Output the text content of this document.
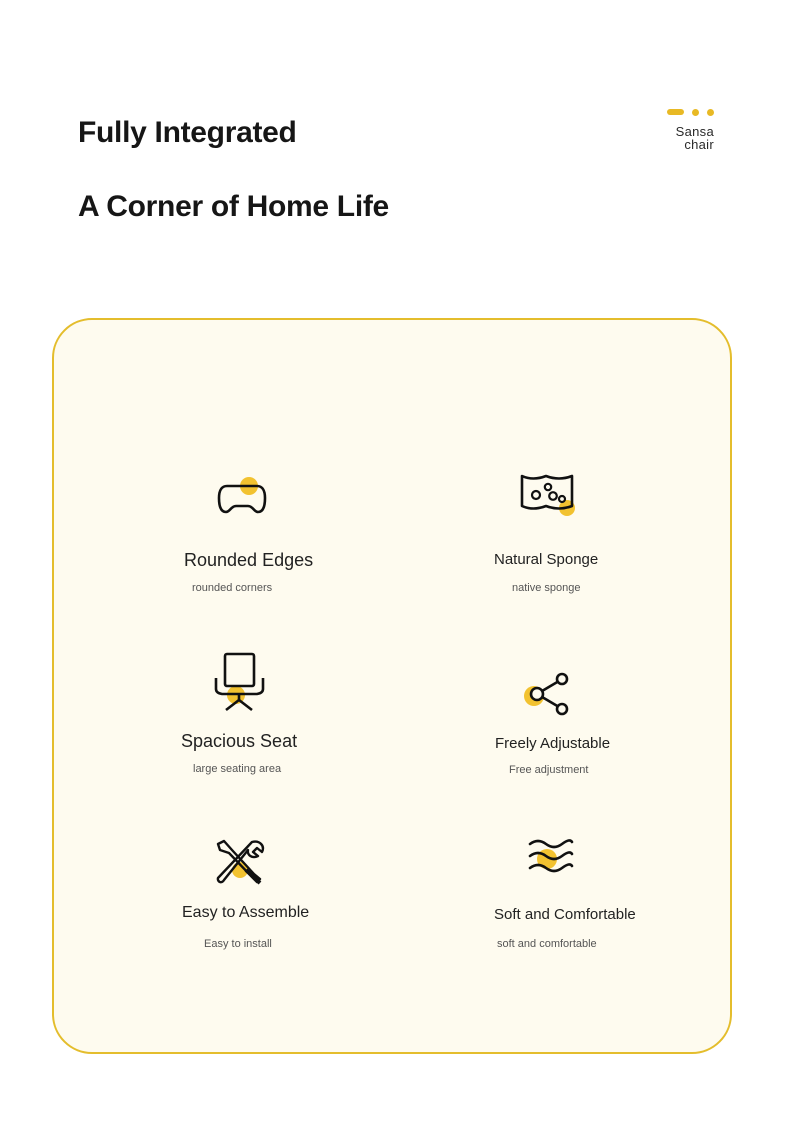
Fully Integrated
A Corner of Home Life
Sansa
chair
Rounded Edges
rounded corners
Natural Sponge
native sponge
Spacious Seat
large seating area
Freely Adjustable
Free adjustment
Easy to Assemble
Easy to install
Soft and Comfortable
soft and comfortable
